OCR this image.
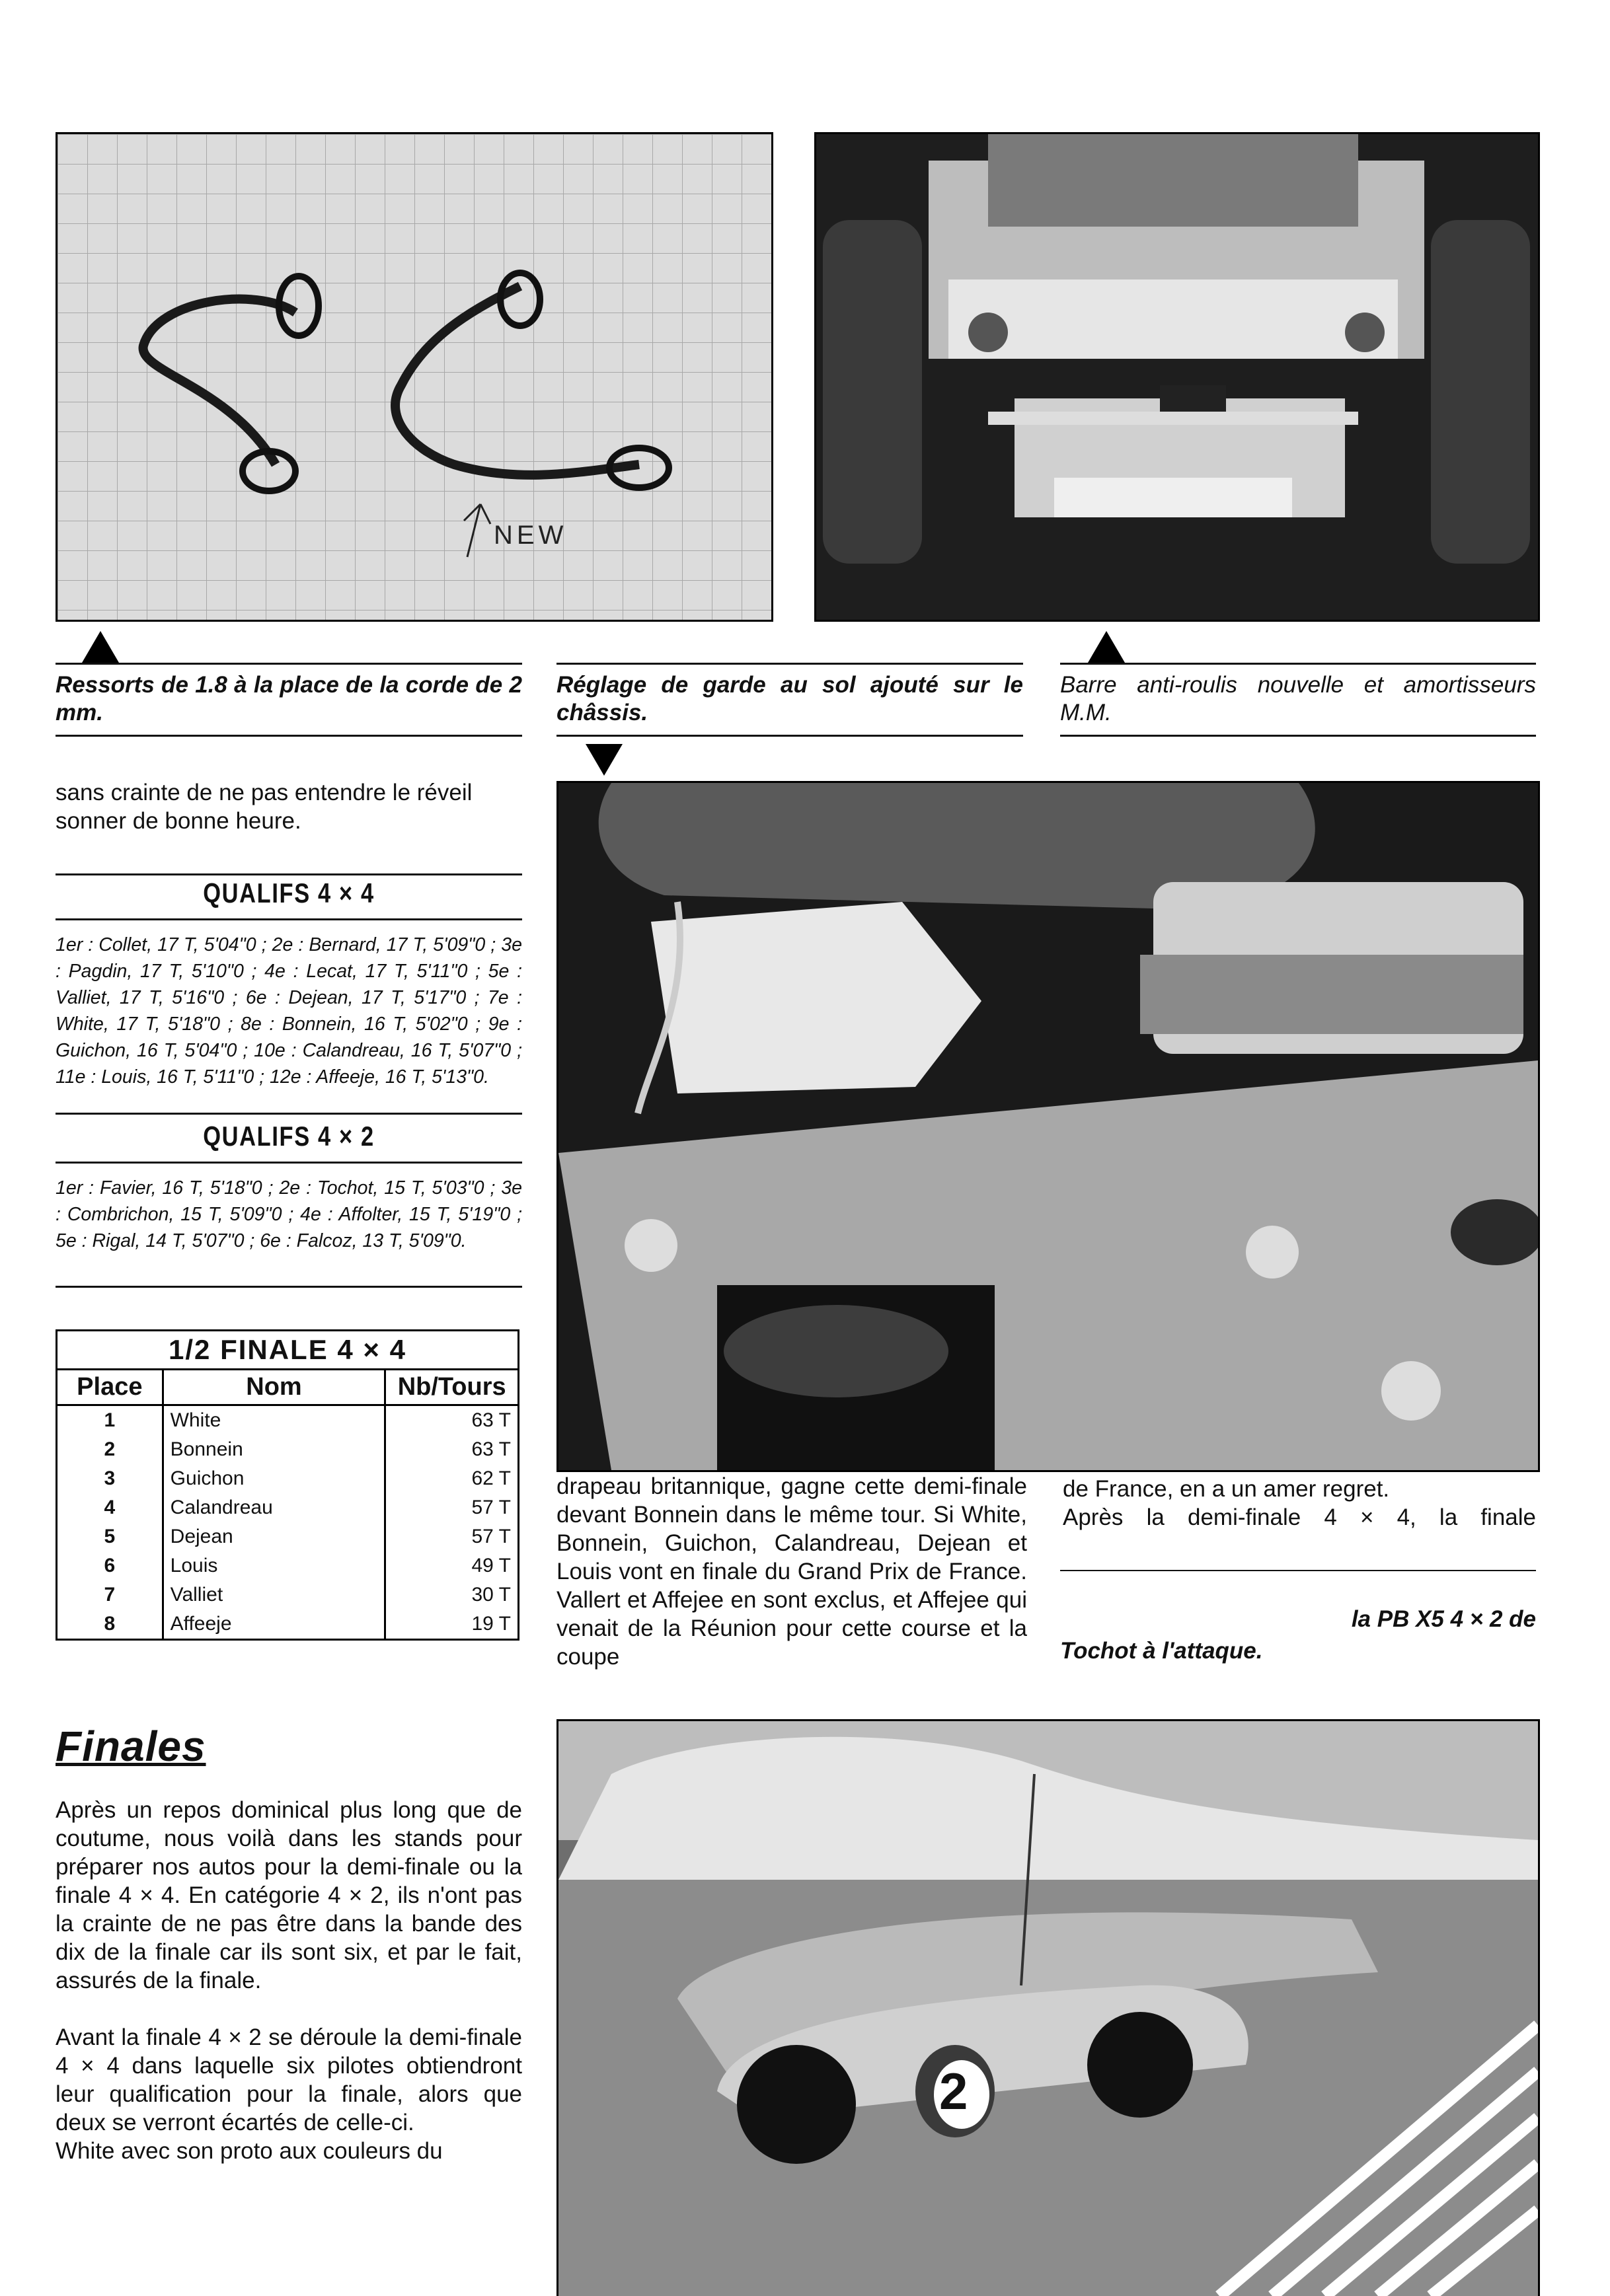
NEW
Ressorts de 1.8 à la place de la corde de 2 mm.
Réglage de garde au sol ajouté sur le châssis.
Barre anti-roulis nouvelle et amortisseurs M.M.
sans crainte de ne pas entendre le réveil sonner de bonne heure.
QUALIFS 4 × 4
1er : Collet, 17 T, 5'04"0 ; 2e : Bernard, 17 T, 5'09"0 ; 3e : Pagdin, 17 T, 5'10"0 ; 4e : Lecat, 17 T, 5'11"0 ; 5e : Valliet, 17 T, 5'16"0 ; 6e : Dejean, 17 T, 5'17"0 ; 7e : White, 17 T, 5'18"0 ; 8e : Bonnein, 16 T, 5'02"0 ; 9e : Guichon, 16 T, 5'04"0 ; 10e : Calandreau, 16 T, 5'07"0 ; 11e : Louis, 16 T, 5'11"0 ; 12e : Affeeje, 16 T, 5'13"0.
QUALIFS 4 × 2
1er : Favier, 16 T, 5'18"0 ; 2e : Tochot, 15 T, 5'03"0 ; 3e : Combrichon, 15 T, 5'09"0 ; 4e : Affolter, 15 T, 5'19"0 ; 5e : Rigal, 14 T, 5'07"0 ; 6e : Falcoz, 13 T, 5'09"0.
1/2 FINALE 4 × 4		
Place	Nom	Nb/Tours
1	White	63 T
2	Bonnein	63 T
3	Guichon	62 T
4	Calandreau	57 T
5	Dejean	57 T
6	Louis	49 T
7	Valliet	30 T
8	Affeeje	19 T
drapeau britannique, gagne cette demi-finale devant Bonnein dans le même tour. Si White, Bonnein, Guichon, Calandreau, Dejean et Louis vont en finale du Grand Prix de France. Vallert et Affejee en sont exclus, et Affejee qui venait de la Réunion pour cette course et la coupe
de France, en a un amer regret.
Après la demi-finale 4 × 4, la finale
la PB X5 4 × 2 de
Tochot à l'attaque.
Finales
Après un repos dominical plus long que de coutume, nous voilà dans les stands pour préparer nos autos pour la demi-finale ou la finale 4 × 4. En catégorie 4 × 2, ils n'ont pas la crainte de ne pas être dans la bande des dix de la finale car ils sont six, et par le fait, assurés de la finale.
Avant la finale 4 × 2 se déroule la demi-finale 4 × 4 dans laquelle six pilotes obtiendront leur qualification pour la finale, alors que deux se verront écartés de celle-ci.
White avec son proto aux couleurs du
2
